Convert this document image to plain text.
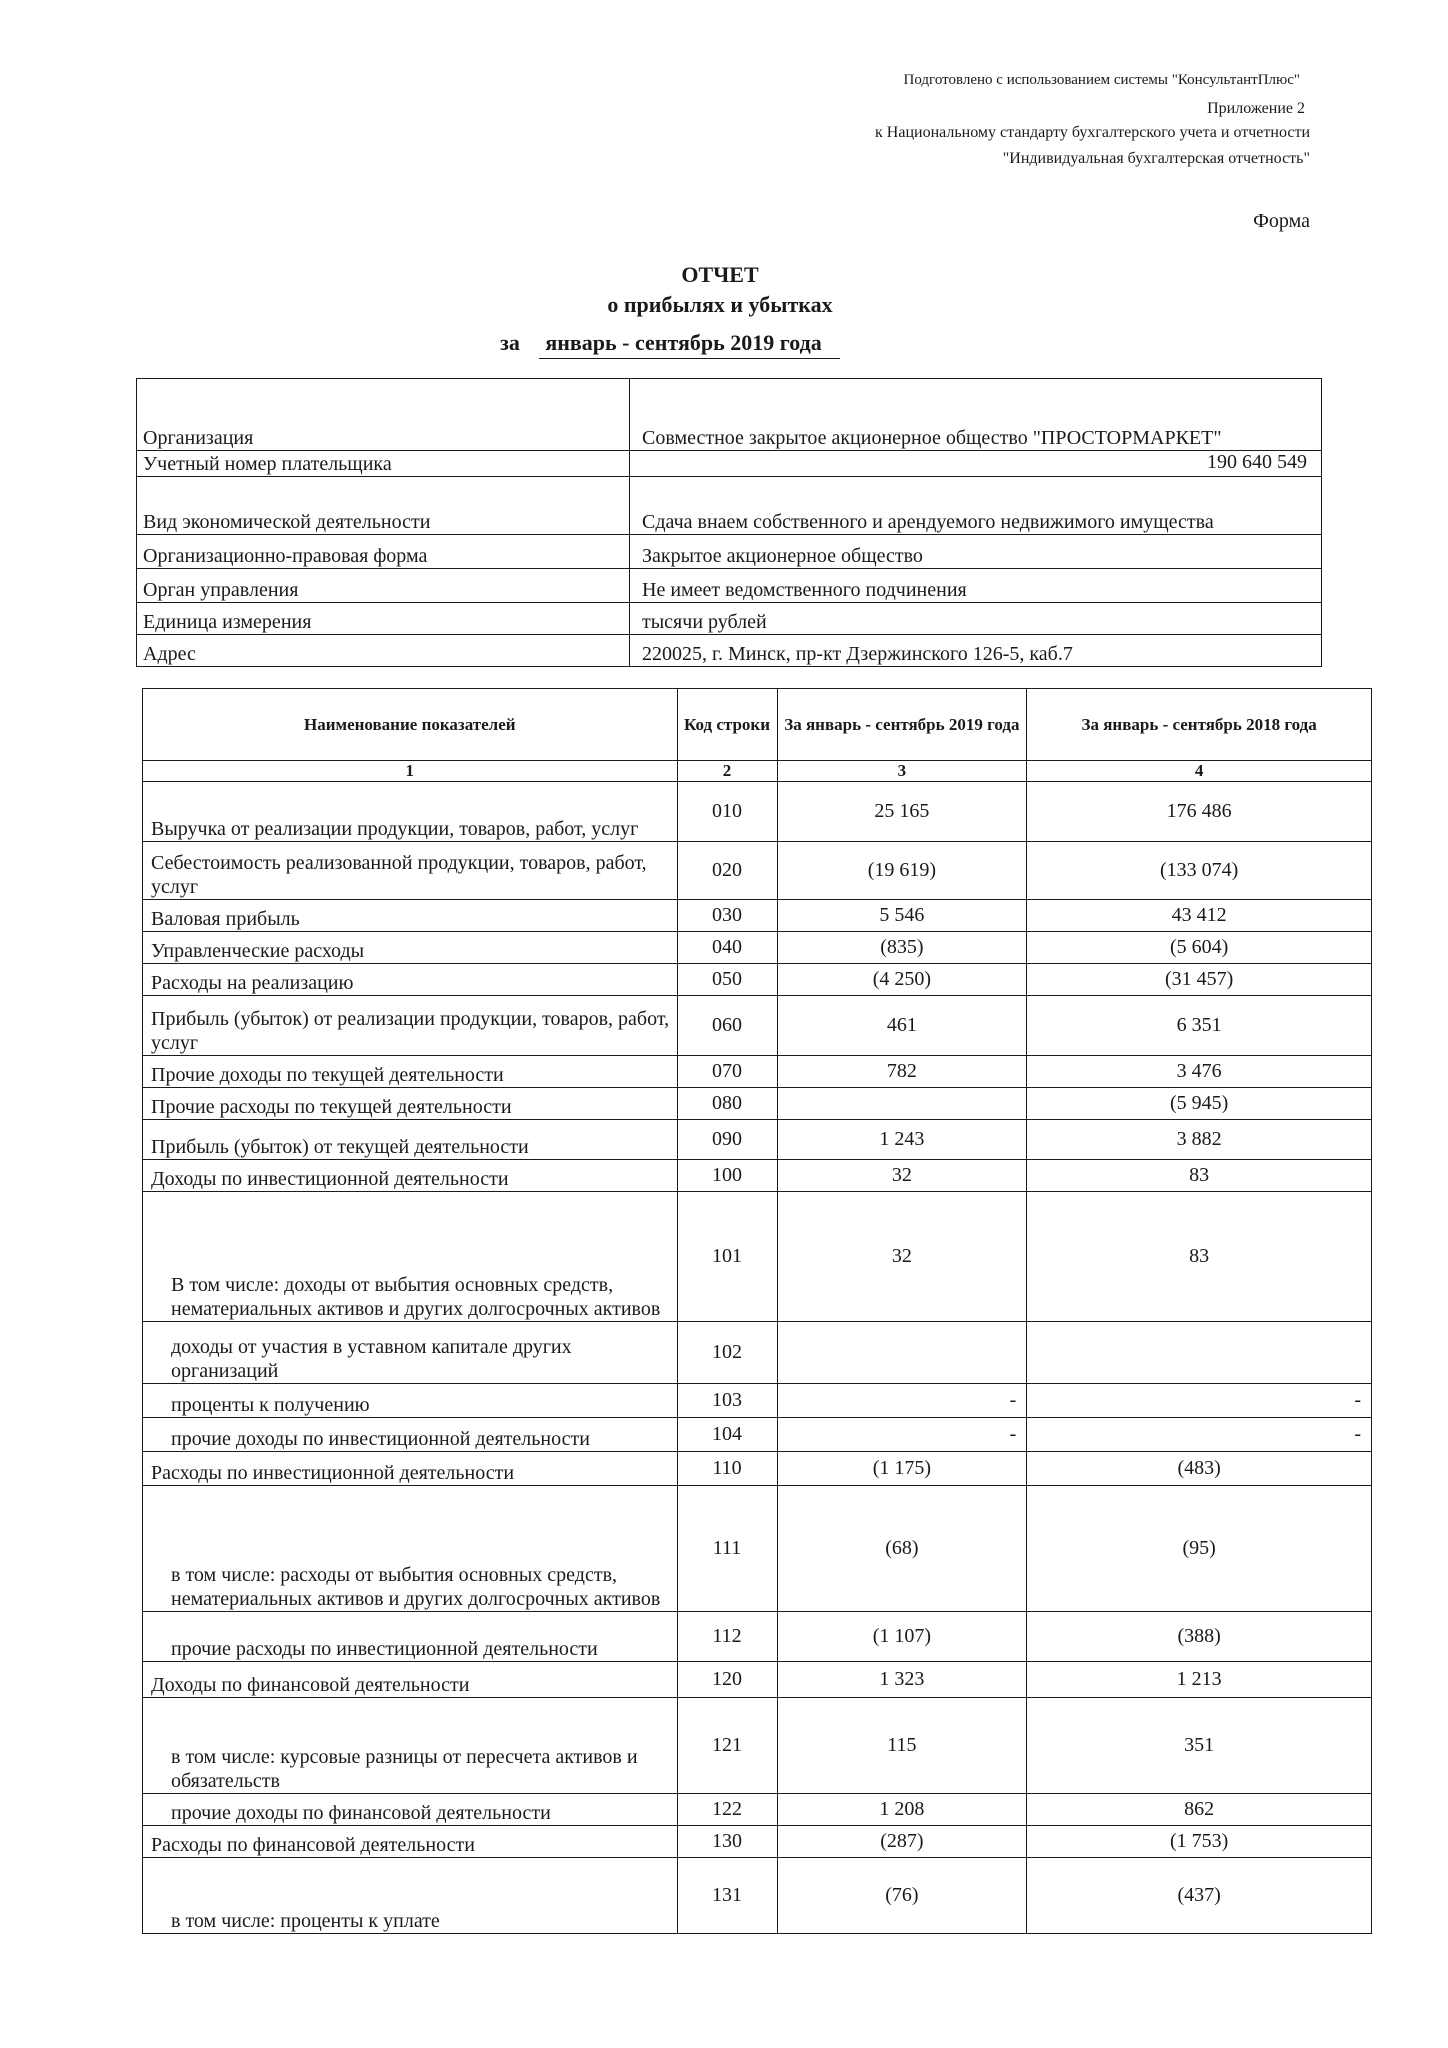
Подготовлено с использованием системы "КонсультантПлюс"
Приложение 2
к Национальному стандарту бухгалтерского учета и отчетности
"Индивидуальная бухгалтерская отчетность"
Форма
ОТЧЕТ
о прибылях и убытках
за январь - сентябрь 2019 года
Организация	Совместное закрытое акционерное общество "ПРОСТОРМАРКЕТ"
Учетный номер плательщика	190 640 549
Вид экономической деятельности	Сдача внаем собственного и арендуемого недвижимого имущества
Организационно-правовая форма	Закрытое акционерное общество
Орган управления	Не имеет ведомственного подчинения
Единица измерения	тысячи рублей
Адрес	220025, г. Минск, пр-кт Дзержинского 126-5, каб.7
Наименование показателей	Код строки	За январь - сентябрь 2019 года	За январь - сентябрь 2018 года
1	2	3	4
Выручка от реализации продукции, товаров, работ, услуг	010	25 165	176 486
Себестоимость реализованной продукции, товаров, работ, услуг	020	(19 619)	(133 074)
Валовая прибыль	030	5 546	43 412
Управленческие расходы	040	(835)	(5 604)
Расходы на реализацию	050	(4 250)	(31 457)
Прибыль (убыток) от реализации продукции, товаров, работ, услуг	060	461	6 351
Прочие доходы по текущей деятельности	070	782	3 476
Прочие расходы по текущей деятельности	080		(5 945)
Прибыль (убыток) от текущей деятельности	090	1 243	3 882
Доходы по инвестиционной деятельности	100	32	83
В том числе: доходы от выбытия основных средств, нематериальных активов и других долгосрочных активов	101	32	83
доходы от участия в уставном капитале других организаций	102		
проценты к получению	103	-	-
прочие доходы по инвестиционной деятельности	104	-	-
Расходы по инвестиционной деятельности	110	(1 175)	(483)
в том числе: расходы от выбытия основных средств, нематериальных активов и других долгосрочных активов	111	(68)	(95)
прочие расходы по инвестиционной деятельности	112	(1 107)	(388)
Доходы по финансовой деятельности	120	1 323	1 213
в том числе: курсовые разницы от пересчета активов и обязательств	121	115	351
прочие доходы по финансовой деятельности	122	1 208	862
Расходы по финансовой деятельности	130	(287)	(1 753)
в том числе: проценты к уплате	131	(76)	(437)
